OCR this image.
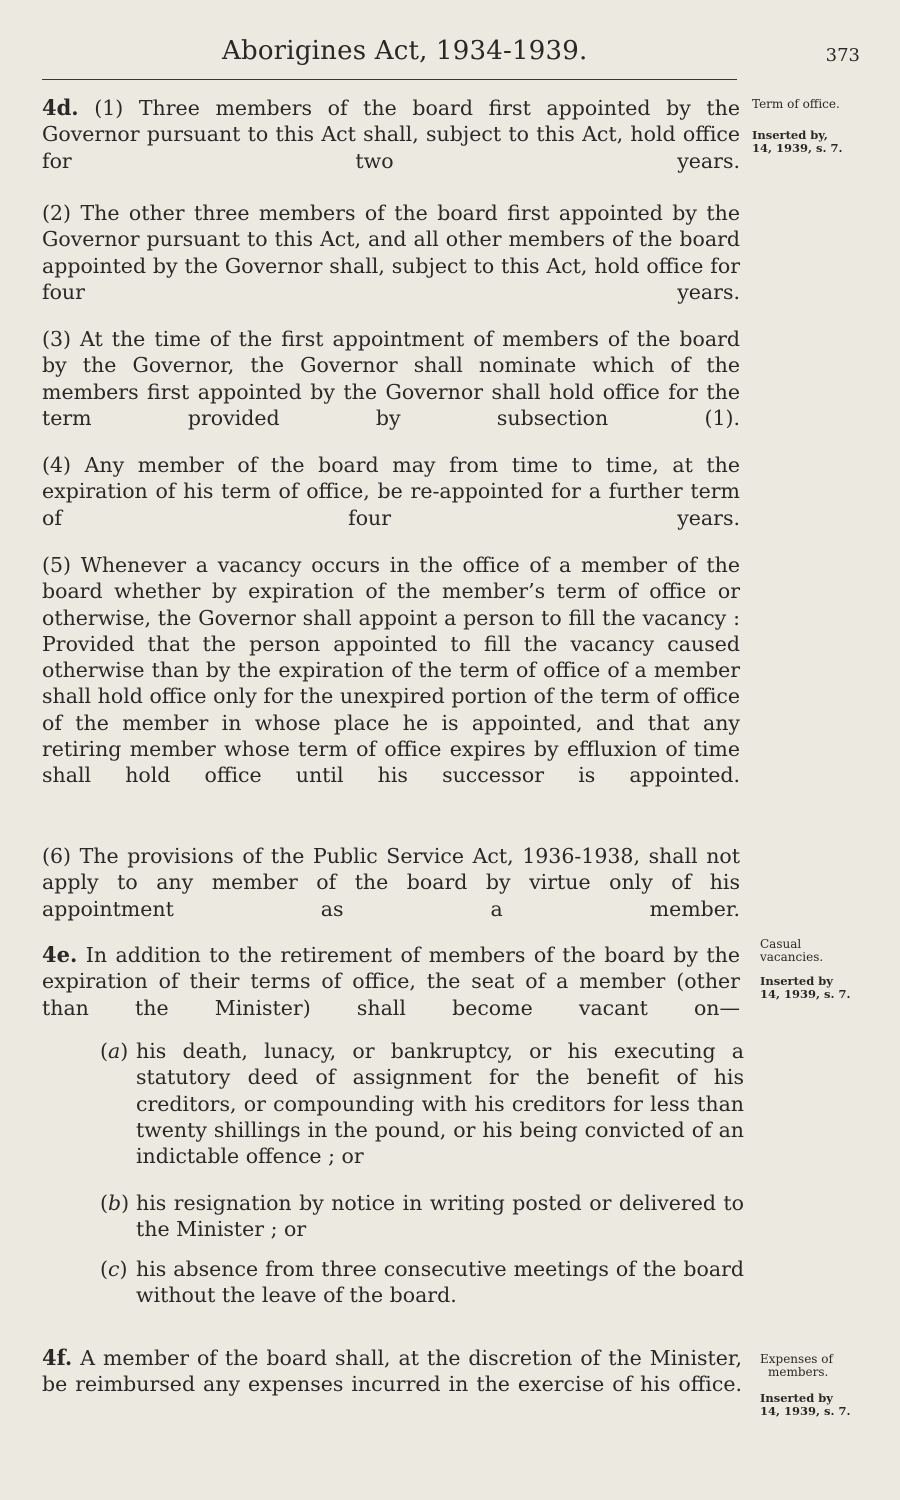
Aborigines Act, 1934-1939.	373
4d. (1) Three members of the board first appointed by the Governor pursuant to this Act shall, subject to this Act, hold office for two years.
Term of office.
Inserted by,
14, 1939, s. 7.
(2) The other three members of the board first appointed by the Governor pursuant to this Act, and all other members of the board appointed by the Governor shall, subject to this Act, hold office for four years.
(3) At the time of the first appointment of members of the board by the Governor, the Governor shall nominate which of the members first appointed by the Governor shall hold office for the term provided by subsection (1).
(4) Any member of the board may from time to time, at the expiration of his term of office, be re-appointed for a further term of four years.
(5) Whenever a vacancy occurs in the office of a member of the board whether by expiration of the member’s term of office or otherwise, the Governor shall appoint a person to fill the vacancy : Provided that the person appointed to fill the vacancy caused otherwise than by the expiration of the term of office of a member shall hold office only for the unexpired portion of the term of office of the member in whose place he is appointed, and that any retiring member whose term of office expires by effluxion of time shall hold office until his successor is appointed.
(6) The provisions of the Public Service Act, 1936-1938, shall not apply to any member of the board by virtue only of his appointment as a member.
4e. In addition to the retirement of members of the board by the expiration of their terms of office, the seat of a member (other than the Minister) shall become vacant on—
Casual
vacancies.
Inserted by
14, 1939, s. 7.
(a) his death, lunacy, or bankruptcy, or his executing a statutory deed of assignment for the benefit of his creditors, or compounding with his creditors for less than twenty shillings in the pound, or his being convicted of an indictable offence ; or
(b) his resignation by notice in writing posted or delivered to the Minister ; or
(c) his absence from three consecutive meetings of the board without the leave of the board.
4f. A member of the board shall, at the discretion of the Minister, be reimbursed any expenses incurred in the exercise of his office.
Expenses of
members.
Inserted by
14, 1939, s. 7.
